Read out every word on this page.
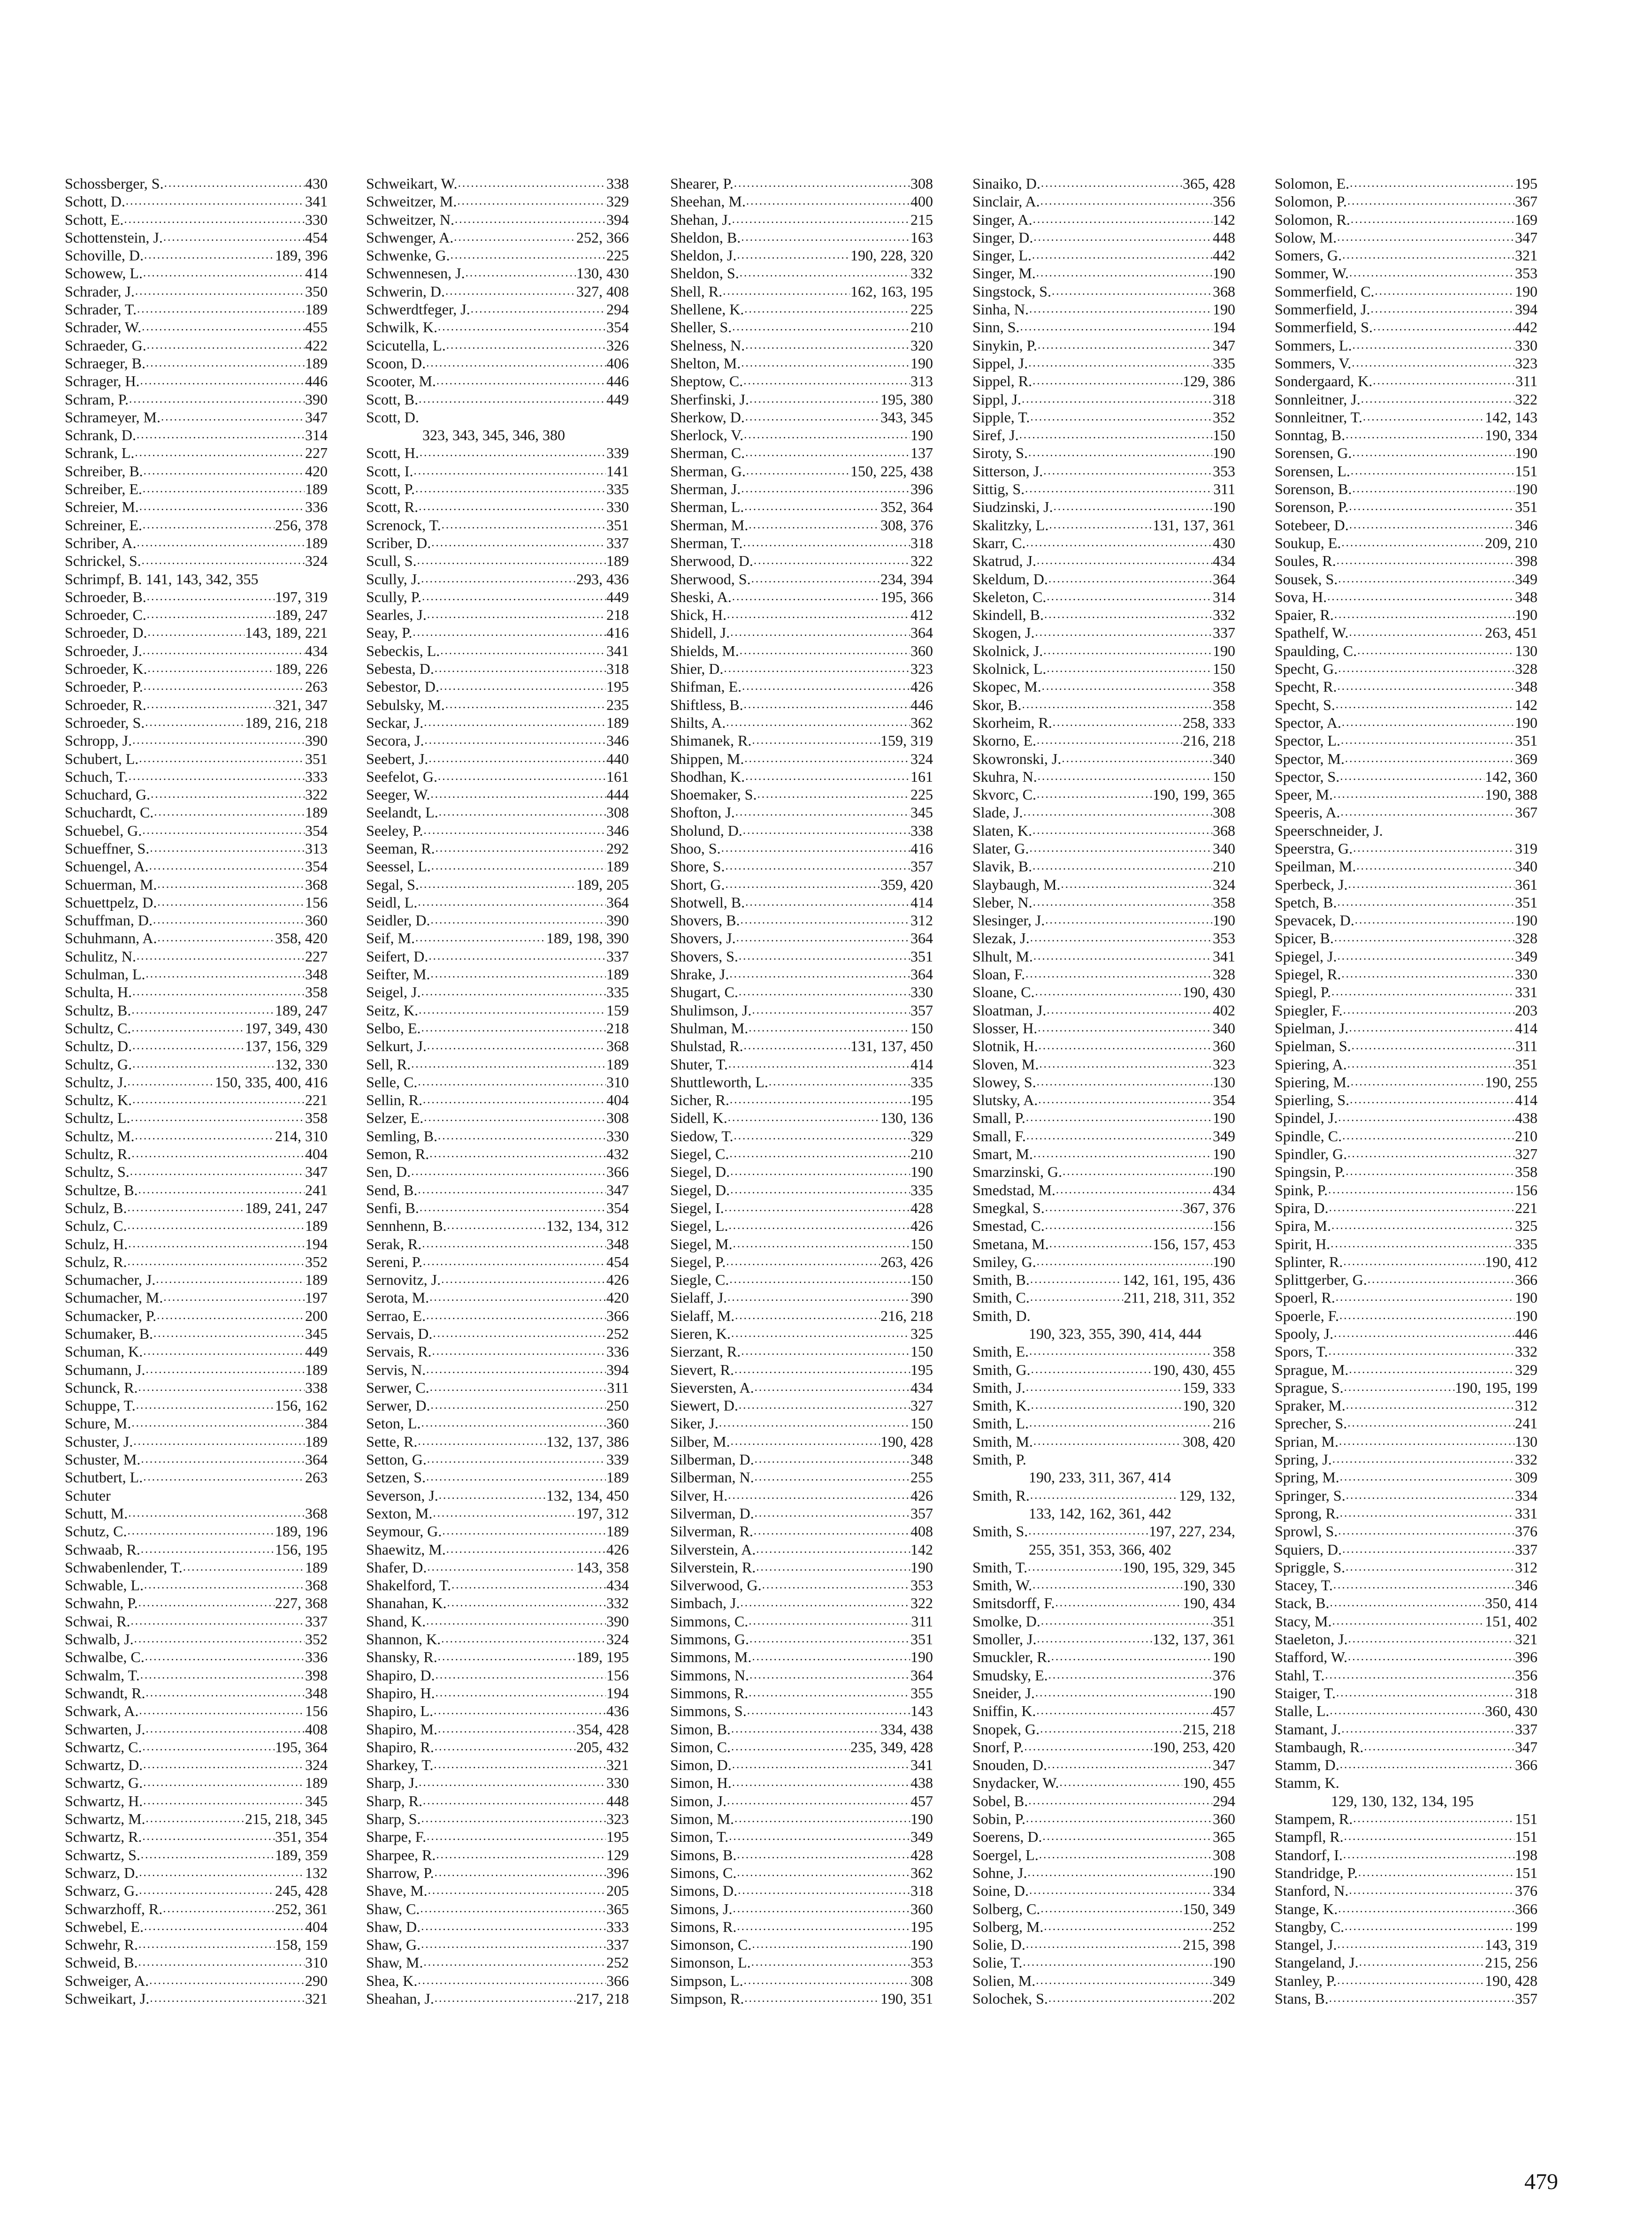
Schossberger, S. .....	430
Schott, D. .....	341
Schott, E. .....	330
Schottenstein, J. .....	454
Schoville, D. .....	189, 396
Schowew, L. .....	414
Schrader, J. .....	350
Schrader, T. .....	189
Schrader, W. .....	455
Schraeder, G. .....	422
Schraeger, B. .....	189
Schrager, H. .....	446
Schram, P. .....	390
Schrameyer, M. .....	347
Schrank, D. .....	314
Schrank, L. .....	227
Schreiber, B. .....	420
Schreiber, E. .....	189
Schreier, M. .....	336
Schreiner, E. .....	256, 378
Schriber, A. .....	189
Schrickel, S. .....	324
Schrimpf, B. 141, 143, 342, 355
Schroeder, B. .....	197, 319
Schroeder, C. .....	189, 247
Schroeder, D. .....	143, 189, 221
Schroeder, J. .....	434
Schroeder, K. .....	189, 226
Schroeder, P. .....	263
Schroeder, R. .....	321, 347
Schroeder, S. .....	189, 216, 218
Schropp, J. .....	390
Schubert, L. .....	351
Schuch, T. .....	333
Schuchard, G. .....	322
Schuchardt, C. .....	189
Schuebel, G. .....	354
Schueffner, S. .....	313
Schuengel, A. .....	354
Schuerman, M. .....	368
Schuettpelz, D. .....	156
Schuffman, D. .....	360
Schuhmann, A. .....	358, 420
Schulitz, N. .....	227
Schulman, L. .....	348
Schulta, H. .....	358
Schultz, B. .....	189, 247
Schultz, C. .....	197, 349, 430
Schultz, D. .....	137, 156, 329
Schultz, G. .....	132, 330
Schultz, J. .....	150, 335, 400, 416
Schultz, K. .....	221
Schultz, L. .....	358
Schultz, M. .....	214, 310
Schultz, R. .....	404
Schultz, S. .....	347
Schultze, B. .....	241
Schulz, B. .....	189, 241, 247
Schulz, C. .....	189
Schulz, H. .....	194
Schulz, R. .....	352
Schumacher, J. .....	189
Schumacher, M. .....	197
Schumacker, P. .....	200
Schumaker, B. .....	345
Schuman, K. .....	449
Schumann, J. .....	189
Schunck, R. .....	338
Schuppe, T. .....	156, 162
Schure, M. .....	384
Schuster, J. .....	189
Schuster, M. .....	364
Schutbert, L. .....	263
Schuter
Schutt, M. .....	368
Schutz, C. .....	189, 196
Schwaab, R. .....	156, 195
Schwabenlender, T. .....	189
Schwable, L. .....	368
Schwahn, P. .....	227, 368
Schwai, R. .....	337
Schwalb, J. .....	352
Schwalbe, C. .....	336
Schwalm, T. .....	398
Schwandt, R. .....	348
Schwark, A. .....	156
Schwarten, J. .....	408
Schwartz, C. .....	195, 364
Schwartz, D. .....	324
Schwartz, G. .....	189
Schwartz, H. .....	345
Schwartz, M. .....	215, 218, 345
Schwartz, R. .....	351, 354
Schwartz, S. .....	189, 359
Schwarz, D. .....	132
Schwarz, G. .....	245, 428
Schwarzhoff, R. .....	252, 361
Schwebel, E. .....	404
Schwehr, R. .....	158, 159
Schweid, B. .....	310
Schweiger, A. .....	290
Schweikart, J. .....	321
Schweikart, W. .....	338
Schweitzer, M. .....	329
Schweitzer, N. .....	394
Schwenger, A. .....	252, 366
Schwenke, G. .....	225
Schwennesen, J. .....	130, 430
Schwerin, D. .....	327, 408
Schwerdtfeger, J. .....	294
Schwilk, K. .....	354
Scicutella, L. .....	326
Scoon, D. .....	406
Scooter, M. .....	446
Scott, B. .....	449
Scott, D.
323, 343, 345, 346, 380
Scott, H. .....	339
Scott, I. .....	141
Scott, P. .....	335
Scott, R. .....	330
Screnock, T. .....	351
Scriber, D. .....	337
Scull, S. .....	189
Scully, J. .....	293, 436
Scully, P. .....	449
Searles, J. .....	218
Seay, P. .....	416
Sebeckis, L. .....	341
Sebesta, D. .....	318
Sebestor, D. .....	195
Sebulsky, M. .....	235
Seckar, J. .....	189
Secora, J. .....	346
Seebert, J. .....	440
Seefelot, G. .....	161
Seeger, W. .....	444
Seelandt, L. .....	308
Seeley, P. .....	346
Seeman, R. .....	292
Seessel, L. .....	189
Segal, S. .....	189, 205
Seidl, L. .....	364
Seidler, D. .....	390
Seif, M. .....	189, 198, 390
Seifert, D. .....	337
Seifter, M. .....	189
Seigel, J. .....	335
Seitz, K. .....	159
Selbo, E. .....	218
Selkurt, J. .....	368
Sell, R. .....	189
Selle, C. .....	310
Sellin, R. .....	404
Selzer, E. .....	308
Semling, B. .....	330
Semon, R. .....	432
Sen, D. .....	366
Send, B. .....	347
Senfi, B. .....	354
Sennhenn, B. .....	132, 134, 312
Serak, R. .....	348
Sereni, P. .....	454
Sernovitz, J. .....	426
Serota, M. .....	420
Serrao, E. .....	366
Servais, D. .....	252
Servais, R. .....	336
Servis, N. .....	394
Serwer, C. .....	311
Serwer, D. .....	250
Seton, L. .....	360
Sette, R. .....	132, 137, 386
Setton, G. .....	339
Setzen, S. .....	189
Severson, J. .....	132, 134, 450
Sexton, M. .....	197, 312
Seymour, G. .....	189
Shaewitz, M. .....	426
Shafer, D. .....	143, 358
Shakelford, T. .....	434
Shanahan, K. .....	332
Shand, K. .....	390
Shannon, K. .....	324
Shansky, R. .....	189, 195
Shapiro, D. .....	156
Shapiro, H. .....	194
Shapiro, L. .....	436
Shapiro, M. .....	354, 428
Shapiro, R. .....	205, 432
Sharkey, T. .....	321
Sharp, J. .....	330
Sharp, R. .....	448
Sharp, S. .....	323
Sharpe, F. .....	195
Sharpee, R. .....	129
Sharrow, P. .....	396
Shave, M. .....	205
Shaw, C. .....	365
Shaw, D. .....	333
Shaw, G. .....	337
Shaw, M. .....	252
Shea, K. .....	366
Sheahan, J. .....	217, 218
Shearer, P. .....	308
Sheehan, M. .....	400
Shehan, J. .....	215
Sheldon, B. .....	163
Sheldon, J. .....	190, 228, 320
Sheldon, S. .....	332
Shell, R. .....	162, 163, 195
Shellene, K. .....	225
Sheller, S. .....	210
Shelness, N. .....	320
Shelton, M. .....	190
Sheptow, C. .....	313
Sherfinski, J. .....	195, 380
Sherkow, D. .....	343, 345
Sherlock, V. .....	190
Sherman, C. .....	137
Sherman, G. .....	150, 225, 438
Sherman, J. .....	396
Sherman, L. .....	352, 364
Sherman, M. .....	308, 376
Sherman, T. .....	318
Sherwood, D. .....	322
Sherwood, S. .....	234, 394
Sheski, A. .....	195, 366
Shick, H. .....	412
Shidell, J. .....	364
Shields, M. .....	360
Shier, D. .....	323
Shifman, E. .....	426
Shiftless, B. .....	446
Shilts, A. .....	362
Shimanek, R. .....	159, 319
Shippen, M. .....	324
Shodhan, K. .....	161
Shoemaker, S. .....	225
Shofton, J. .....	345
Sholund, D. .....	338
Shoo, S. .....	416
Shore, S. .....	357
Short, G. .....	359, 420
Shotwell, B. .....	414
Shovers, B. .....	312
Shovers, J. .....	364
Shovers, S. .....	351
Shrake, J. .....	364
Shugart, C. .....	330
Shulimson, J. .....	357
Shulman, M. .....	150
Shulstad, R. .....	131, 137, 450
Shuter, T. .....	414
Shuttleworth, L. .....	335
Sicher, R. .....	195
Sidell, K. .....	130, 136
Siedow, T. .....	329
Siegel, C. .....	210
Siegel, D. .....	190
Siegel, D. .....	335
Siegel, I. .....	428
Siegel, L. .....	426
Siegel, M. .....	150
Siegel, P. .....	263, 426
Siegle, C. .....	150
Sielaff, J. .....	390
Sielaff, M. .....	216, 218
Sieren, K. .....	325
Sierzant, R. .....	150
Sievert, R. .....	195
Sieversten, A. .....	434
Siewert, D. .....	327
Siker, J. .....	150
Silber, M. .....	190, 428
Silberman, D. .....	348
Silberman, N. .....	255
Silver, H. .....	426
Silverman, D. .....	357
Silverman, R. .....	408
Silverstein, A. .....	142
Silverstein, R. .....	190
Silverwood, G. .....	353
Simbach, J. .....	322
Simmons, C. .....	311
Simmons, G. .....	351
Simmons, M. .....	190
Simmons, N. .....	364
Simmons, R. .....	355
Simmons, S. .....	143
Simon, B. .....	334, 438
Simon, C. .....	235, 349, 428
Simon, D. .....	341
Simon, H. .....	438
Simon, J. .....	457
Simon, M. .....	190
Simon, T. .....	349
Simons, B. .....	428
Simons, C. .....	362
Simons, D. .....	318
Simons, J. .....	360
Simons, R. .....	195
Simonson, C. .....	190
Simonson, L. .....	353
Simpson, L. .....	308
Simpson, R. .....	190, 351
Sinaiko, D. .....	365, 428
Sinclair, A. .....	356
Singer, A. .....	142
Singer, D. .....	448
Singer, L. .....	442
Singer, M. .....	190
Singstock, S. .....	368
Sinha, N. .....	190
Sinn, S. .....	194
Sinykin, P. .....	347
Sippel, J. .....	335
Sippel, R. .....	129, 386
Sippl, J. .....	318
Sipple, T. .....	352
Siref, J. .....	150
Siroty, S. .....	190
Sitterson, J. .....	353
Sittig, S. .....	311
Siudzinski, J. .....	190
Skalitzky, L. .....	131, 137, 361
Skarr, C. .....	430
Skatrud, J. .....	434
Skeldum, D. .....	364
Skeleton, C. .....	314
Skindell, B. .....	332
Skogen, J. .....	337
Skolnick, J. .....	190
Skolnick, L. .....	150
Skopec, M. .....	358
Skor, B. .....	358
Skorheim, R. .....	258, 333
Skorno, E. .....	216, 218
Skowronski, J. .....	340
Skuhra, N. .....	150
Skvorc, C. .....	190, 199, 365
Slade, J. .....	308
Slaten, K. .....	368
Slater, G. .....	340
Slavik, B. .....	210
Slaybaugh, M. .....	324
Sleber, N. .....	358
Slesinger, J. .....	190
Slezak, J. .....	353
Slhult, M. .....	341
Sloan, F. .....	328
Sloane, C. .....	190, 430
Sloatman, J. .....	402
Slosser, H. .....	340
Slotnik, H. .....	360
Sloven, M. .....	323
Slowey, S. .....	130
Slutsky, A. .....	354
Small, P. .....	190
Small, F. .....	349
Smart, M. .....	190
Smarzinski, G. .....	190
Smedstad, M. .....	434
Smegkal, S. .....	367, 376
Smestad, C. .....	156
Smetana, M. .....	156, 157, 453
Smiley, G. .....	190
Smith, B. .....	142, 161, 195, 436
Smith, C. .....	211, 218, 311, 352
Smith, D.
190, 323, 355, 390, 414, 444
Smith, E. .....	358
Smith, G. .....	190, 430, 455
Smith, J. .....	159, 333
Smith, K. .....	190, 320
Smith, L. .....	216
Smith, M. .....	308, 420
Smith, P.
190, 233, 311, 367, 414
Smith, R. .....	129, 132,
133, 142, 162, 361, 442
Smith, S. .....	197, 227, 234,
255, 351, 353, 366, 402
Smith, T. .....	190, 195, 329, 345
Smith, W. .....	190, 330
Smitsdorff, F. .....	190, 434
Smolke, D. .....	351
Smoller, J. .....	132, 137, 361
Smuckler, R. .....	190
Smudsky, E. .....	376
Sneider, J. .....	190
Sniffin, K. .....	457
Snopek, G. .....	215, 218
Snorf, P. .....	190, 253, 420
Snouden, D. .....	347
Snydacker, W. .....	190, 455
Sobel, B. .....	294
Sobin, P. .....	360
Soerens, D. .....	365
Soergel, L. .....	308
Sohne, J. .....	190
Soine, D. .....	334
Solberg, C. .....	150, 349
Solberg, M. .....	252
Solie, D. .....	215, 398
Solie, T. .....	190
Solien, M. .....	349
Solochek, S. .....	202
Solomon, E. .....	195
Solomon, P. .....	367
Solomon, R. .....	169
Solow, M. .....	347
Somers, G. .....	321
Sommer, W. .....	353
Sommerfield, C. .....	190
Sommerfield, J. .....	394
Sommerfield, S. .....	442
Sommers, L. .....	330
Sommers, V. .....	323
Sondergaard, K. .....	311
Sonnleitner, J. .....	322
Sonnleitner, T. .....	142, 143
Sonntag, B. .....	190, 334
Sorensen, G. .....	190
Sorensen, L. .....	151
Sorenson, B. .....	190
Sorenson, P. .....	351
Sotebeer, D. .....	346
Soukup, E. .....	209, 210
Soules, R. .....	398
Sousek, S. .....	349
Sova, H. .....	348
Spaier, R. .....	190
Spathelf, W. .....	263, 451
Spaulding, C. .....	130
Specht, G. .....	328
Specht, R. .....	348
Specht, S. .....	142
Spector, A. .....	190
Spector, L. .....	351
Spector, M. .....	369
Spector, S. .....	142, 360
Speer, M. .....	190, 388
Speeris, A. .....	367
Speerschneider, J.
Speerstra, G. .....	319
Speilman, M. .....	340
Sperbeck, J. .....	361
Spetch, B. .....	351
Spevacek, D. .....	190
Spicer, B. .....	328
Spiegel, J. .....	349
Spiegel, R. .....	330
Spiegl, P. .....	331
Spiegler, F. .....	203
Spielman, J. .....	414
Spielman, S. .....	311
Spiering, A. .....	351
Spiering, M. .....	190, 255
Spierling, S. .....	414
Spindel, J. .....	438
Spindle, C. .....	210
Spindler, G. .....	327
Spingsin, P. .....	358
Spink, P. .....	156
Spira, D. .....	221
Spira, M. .....	325
Spirit, H. .....	335
Splinter, R. .....	190, 412
Splittgerber, G. .....	366
Spoerl, R. .....	190
Spoerle, F. .....	190
Spooly, J. .....	446
Spors, T. .....	332
Sprague, M. .....	329
Sprague, S. .....	190, 195, 199
Spraker, M. .....	312
Sprecher, S. .....	241
Sprian, M. .....	130
Spring, J. .....	332
Spring, M. .....	309
Springer, S. .....	334
Sprong, R. .....	331
Sprowl, S. .....	376
Squiers, D. .....	337
Spriggle, S. .....	312
Stacey, T. .....	346
Stack, B. .....	350, 414
Stacy, M. .....	151, 402
Staeleton, J. .....	321
Stafford, W. .....	396
Stahl, T. .....	356
Staiger, T. .....	318
Stalle, L. .....	360, 430
Stamant, J. .....	337
Stambaugh, R. .....	347
Stamm, D. .....	366
Stamm, K.
129, 130, 132, 134, 195
Stampem, R. .....	151
Stampfl, R. .....	151
Standorf, I. .....	198
Standridge, P. .....	151
Stanford, N. .....	376
Stange, K. .....	366
Stangby, C. .....	199
Stangel, J. .....	143, 319
Stangeland, J. .....	215, 256
Stanley, P. .....	190, 428
Stans, B. .....	357
479
